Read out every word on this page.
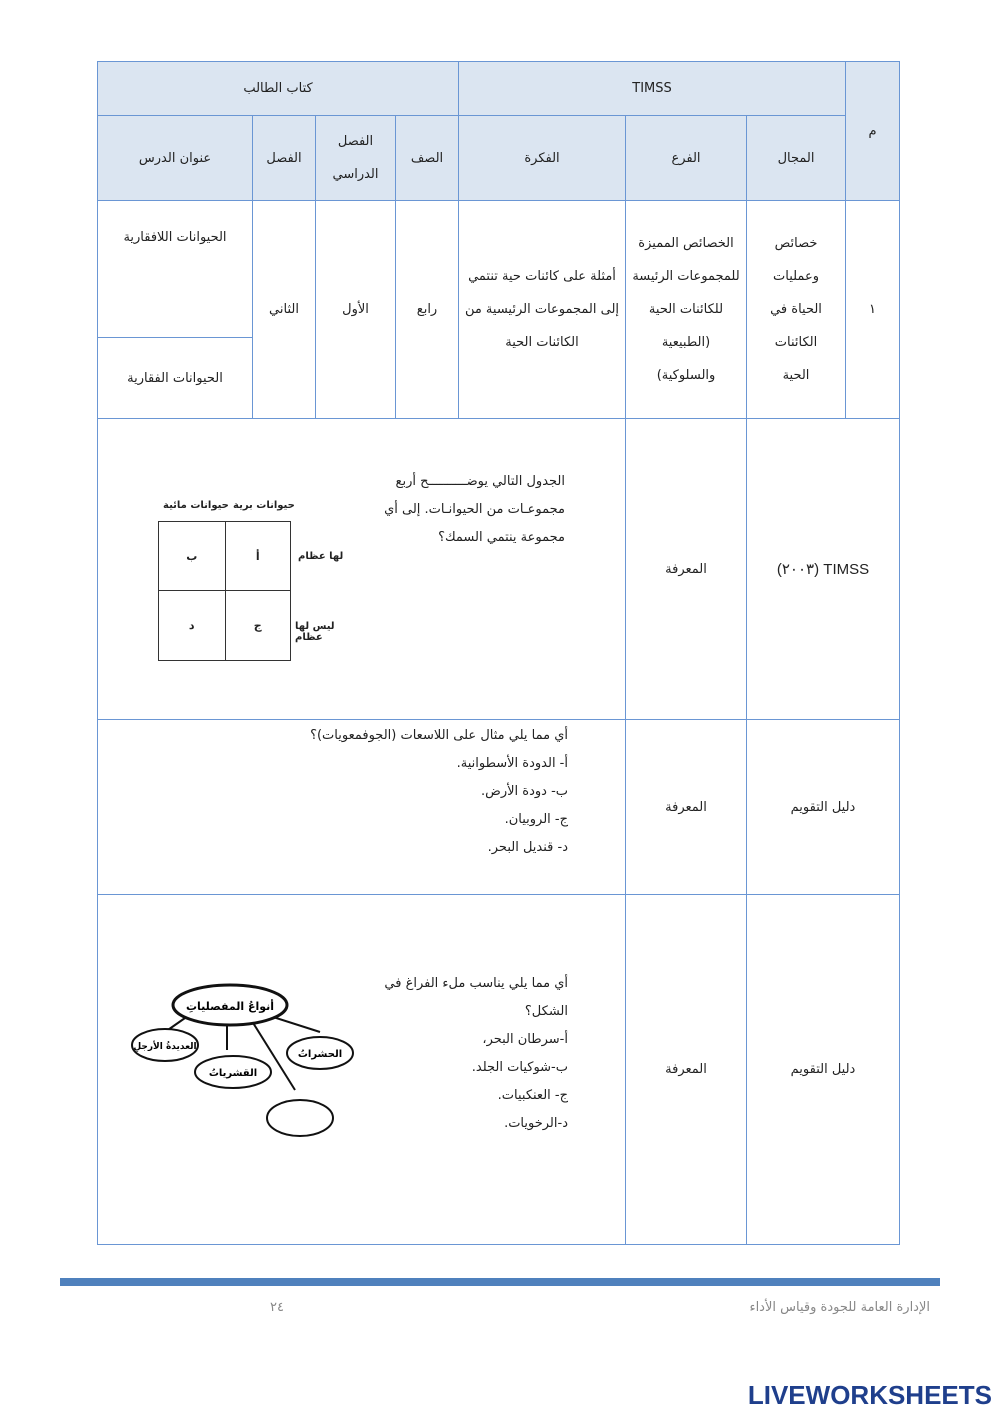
م
TIMSS
كتاب الطالب
المجال
الفرع
الفكرة
الصف
الفصل الدراسي
الفصل
عنوان الدرس
١
خصائص وعمليات الحياة في الكائنات الحية
الخصائص المميزة للمجموعات الرئيسة للكائنات الحية (الطبيعية والسلوكية)
أمثلة على كائنات حية تنتمي إلى المجموعات الرئيسية من الكائنات الحية
رابع
الأول
الثاني
الحيوانات اللافقارية
الحيوانات الفقارية
TIMSS (٢٠٠٣)
المعرفة
الجدول التالي يوضــــــــــح أربع مجموعـات من الحيوانـات. إلى أي مجموعة ينتمي السمك؟
حيوانات برية
حيوانات مائية
أ
ب
ج
د
لها عظام
ليس لها عظام
دليل التقويم
المعرفة
أي مما يلي مثال على اللاسعات (الجوفمعويات)؟
أ- الدودة الأسطوانية.
ب- دودة الأرض.
ج- الروبيان.
د- قنديل البحر.
دليل التقويم
المعرفة
أي مما يلي يناسب ملء الفراغ في الشكل؟
أ-سرطان البحر،
ب-شوكيات الجلد.
ج- العنكبيات.
د-الرخويات.
أنواعُ المفصلياتِ
العديدةُ الأرجلِ
القشرياتُ
الحشراتُ
٢٤	الإدارة العامة للجودة وقياس الأداء
LIVEWORKSHEETS
